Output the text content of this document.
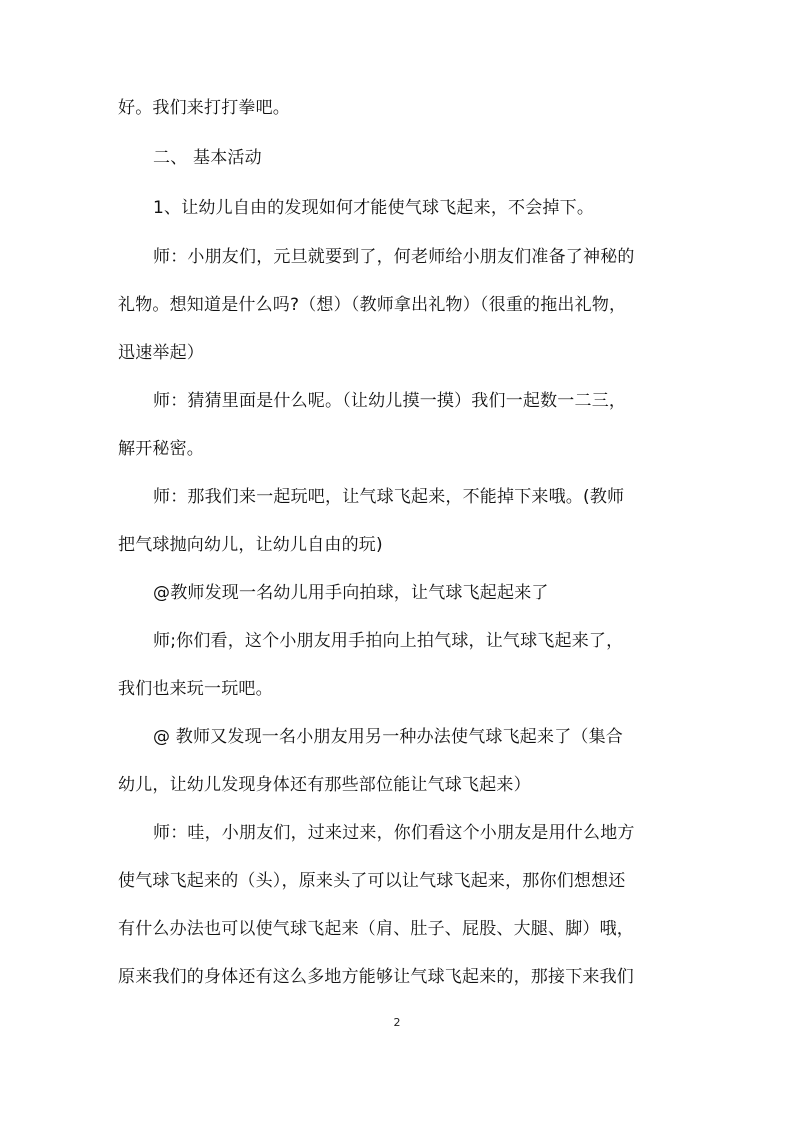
好。我们来打打拳吧。
二、 基本活动
1、让幼儿自由的发现如何才能使气球飞起来，不会掉下。
师：小朋友们，元旦就要到了，何老师给小朋友们准备了神秘的
礼物。想知道是什么吗?（想）（教师拿出礼物）（很重的拖出礼物，
迅速举起）
师：猜猜里面是什么呢。（让幼儿摸一摸）我们一起数一二三，
解开秘密。
师：那我们来一起玩吧，让气球飞起来，不能掉下来哦。(教师
把气球抛向幼儿，让幼儿自由的玩)
@教师发现一名幼儿用手向拍球，让气球飞起起来了
师;你们看，这个小朋友用手拍向上拍气球，让气球飞起来了，
我们也来玩一玩吧。
@ 教师又发现一名小朋友用另一种办法使气球飞起来了（集合
幼儿，让幼儿发现身体还有那些部位能让气球飞起来）
师：哇，小朋友们，过来过来，你们看这个小朋友是用什么地方
使气球飞起来的（头），原来头了可以让气球飞起来，那你们想想还
有什么办法也可以使气球飞起来（肩、肚子、屁股、大腿、脚）哦，
原来我们的身体还有这么多地方能够让气球飞起来的，那接下来我们
2
